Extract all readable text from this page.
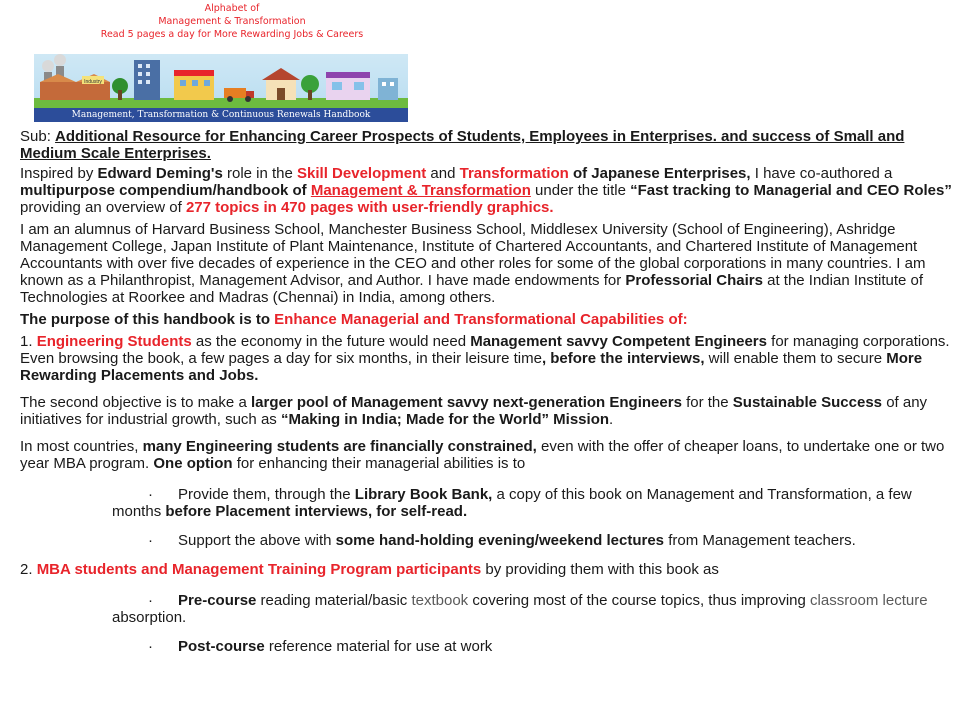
Alphabet of
Management & Transformation
Read 5 pages a day for More Rewarding Jobs & Careers
Industry
Management, Transformation & Continuous Renewals Handbook

Sub: Additional Resource for Enhancing Career Prospects of Students, Employees in Enterprises. and success of Small and Medium Scale Enterprises.

Inspired by Edward Deming's role in the Skill Development and Transformation of Japanese Enterprises, I have co-authored a multipurpose compendium/handbook of Management & Transformation under the title “Fast tracking to Managerial and CEO Roles” providing an overview of 277 topics in 470 pages with user-friendly graphics.

I am an alumnus of Harvard Business School, Manchester Business School, Middlesex University (School of Engineering), Ashridge Management College, Japan Institute of Plant Maintenance, Institute of Chartered Accountants, and Chartered Institute of Management Accountants with over five decades of experience in the CEO and other roles for some of the global corporations in many countries. I am known as a Philanthropist, Management Advisor, and Author. I have made endowments for Professorial Chairs at the Indian Institute of Technologies at Roorkee and Madras (Chennai) in India, among others.

The purpose of this handbook is to Enhance Managerial and Transformational Capabilities of:

1. Engineering Students as the economy in the future would need Management savvy Competent Engineers for managing corporations. Even browsing the book, a few pages a day for six months, in their leisure time, before the interviews, will enable them to secure More Rewarding Placements and Jobs.

The second objective is to make a larger pool of Management savvy next-generation Engineers for the Sustainable Success of any initiatives for industrial growth, such as “Making in India; Made for the World” Mission.

In most countries, many Engineering students are financially constrained, even with the offer of cheaper loans, to undertake one or two year MBA program. One option for enhancing their managerial abilities is to

· Provide them, through the Library Book Bank, a copy of this book on Management and Transformation, a few months before Placement interviews, for self-read.

· Support the above with some hand-holding evening/weekend lectures from Management teachers.

2. MBA students and Management Training Program participants by providing them with this book as

· Pre-course reading material/basic textbook covering most of the course topics, thus improving classroom lecture absorption.

· Post-course reference material for use at work
